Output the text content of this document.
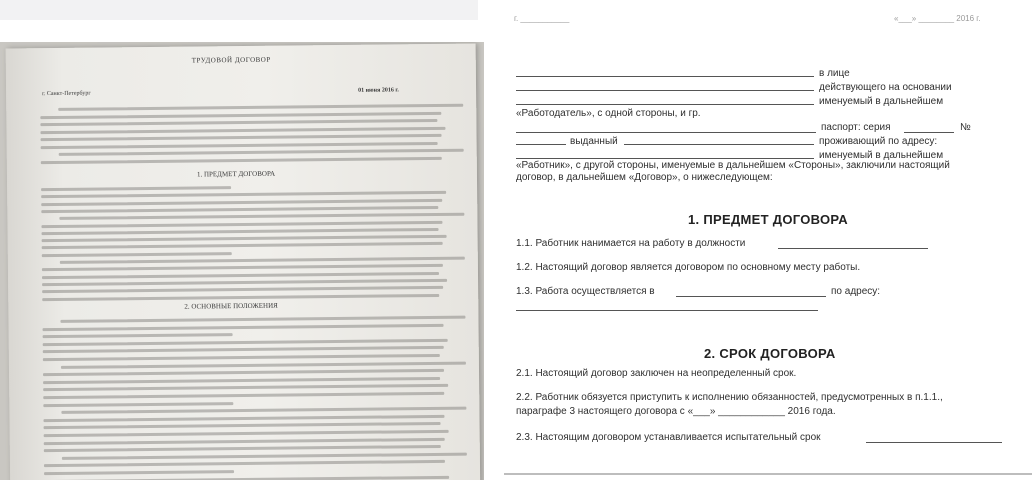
ТРУДОВОЙ ДОГОВОР
г. Санкт-Петербург
01 июня 2016 г.
1. ПРЕДМЕТ ДОГОВОРА
2. ОСНОВНЫЕ ПОЛОЖЕНИЯ
г. ___________	«___» ________ 2016 г.
в лице
действующего на основании
именуемый в дальнейшем
«Работодатель», с одной стороны, и гр.
паспорт: серия	№
выданный	проживающий по адресу:
именуемый в дальнейшем
«Работник», с другой стороны, именуемые в дальнейшем «Стороны», заключили настоящий
договор, в дальнейшем «Договор», о нижеследующем:
1. ПРЕДМЕТ ДОГОВОРА
1.1. Работник нанимается на работу в должности
1.2. Настоящий договор является договором по основному месту работы.
1.3. Работа осуществляется в	по адресу:
2. СРОК ДОГОВОРА
2.1. Настоящий договор заключен на неопределенный срок.
2.2. Работник обязуется приступить к исполнению обязанностей, предусмотренных в п.1.1.,
параграфе 3 настоящего договора с «___» ____________ 2016 года.
2.3. Настоящим договором устанавливается испытательный срок
